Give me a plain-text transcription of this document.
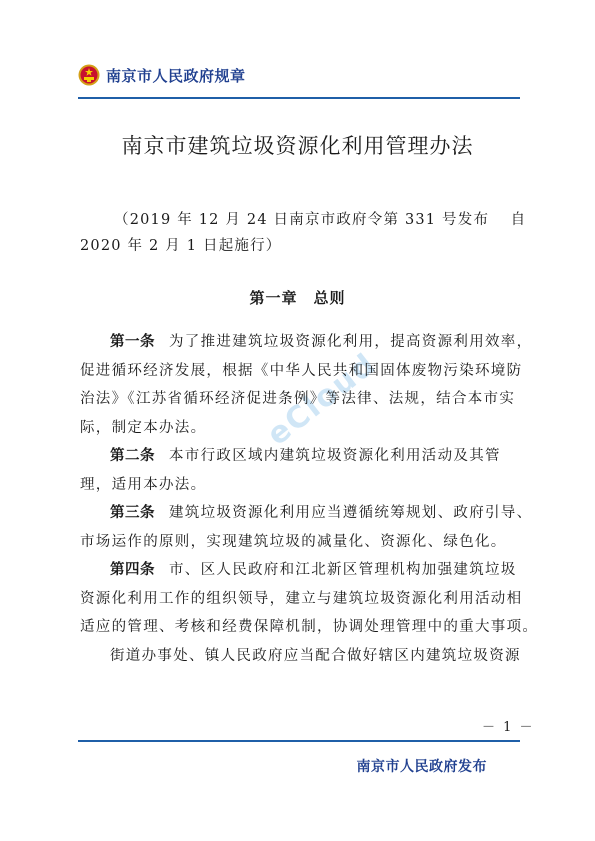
南京市人民政府规章
南京市建筑垃圾资源化利用管理办法
（2019 年 12 月 24 日南京市政府令第 331 号发布　 自
2020 年 2 月 1 日起施行）
第一章　总则
eCloud
第一条 为了推进建筑垃圾资源化利用，提高资源利用效率，
促进循环经济发展，根据《中华人民共和国固体废物污染环境防
治法》《江苏省循环经济促进条例》等法律、法规，结合本市实
际，制定本办法。
第二条 本市行政区域内建筑垃圾资源化利用活动及其管
理，适用本办法。
第三条 建筑垃圾资源化利用应当遵循统筹规划、政府引导、
市场运作的原则，实现建筑垃圾的减量化、资源化、绿色化。
第四条 市、区人民政府和江北新区管理机构加强建筑垃圾
资源化利用工作的组织领导，建立与建筑垃圾资源化利用活动相
适应的管理、考核和经费保障机制，协调处理管理中的重大事项。
街道办事处、镇人民政府应当配合做好辖区内建筑垃圾资源
－ 1 －
南京市人民政府发布
